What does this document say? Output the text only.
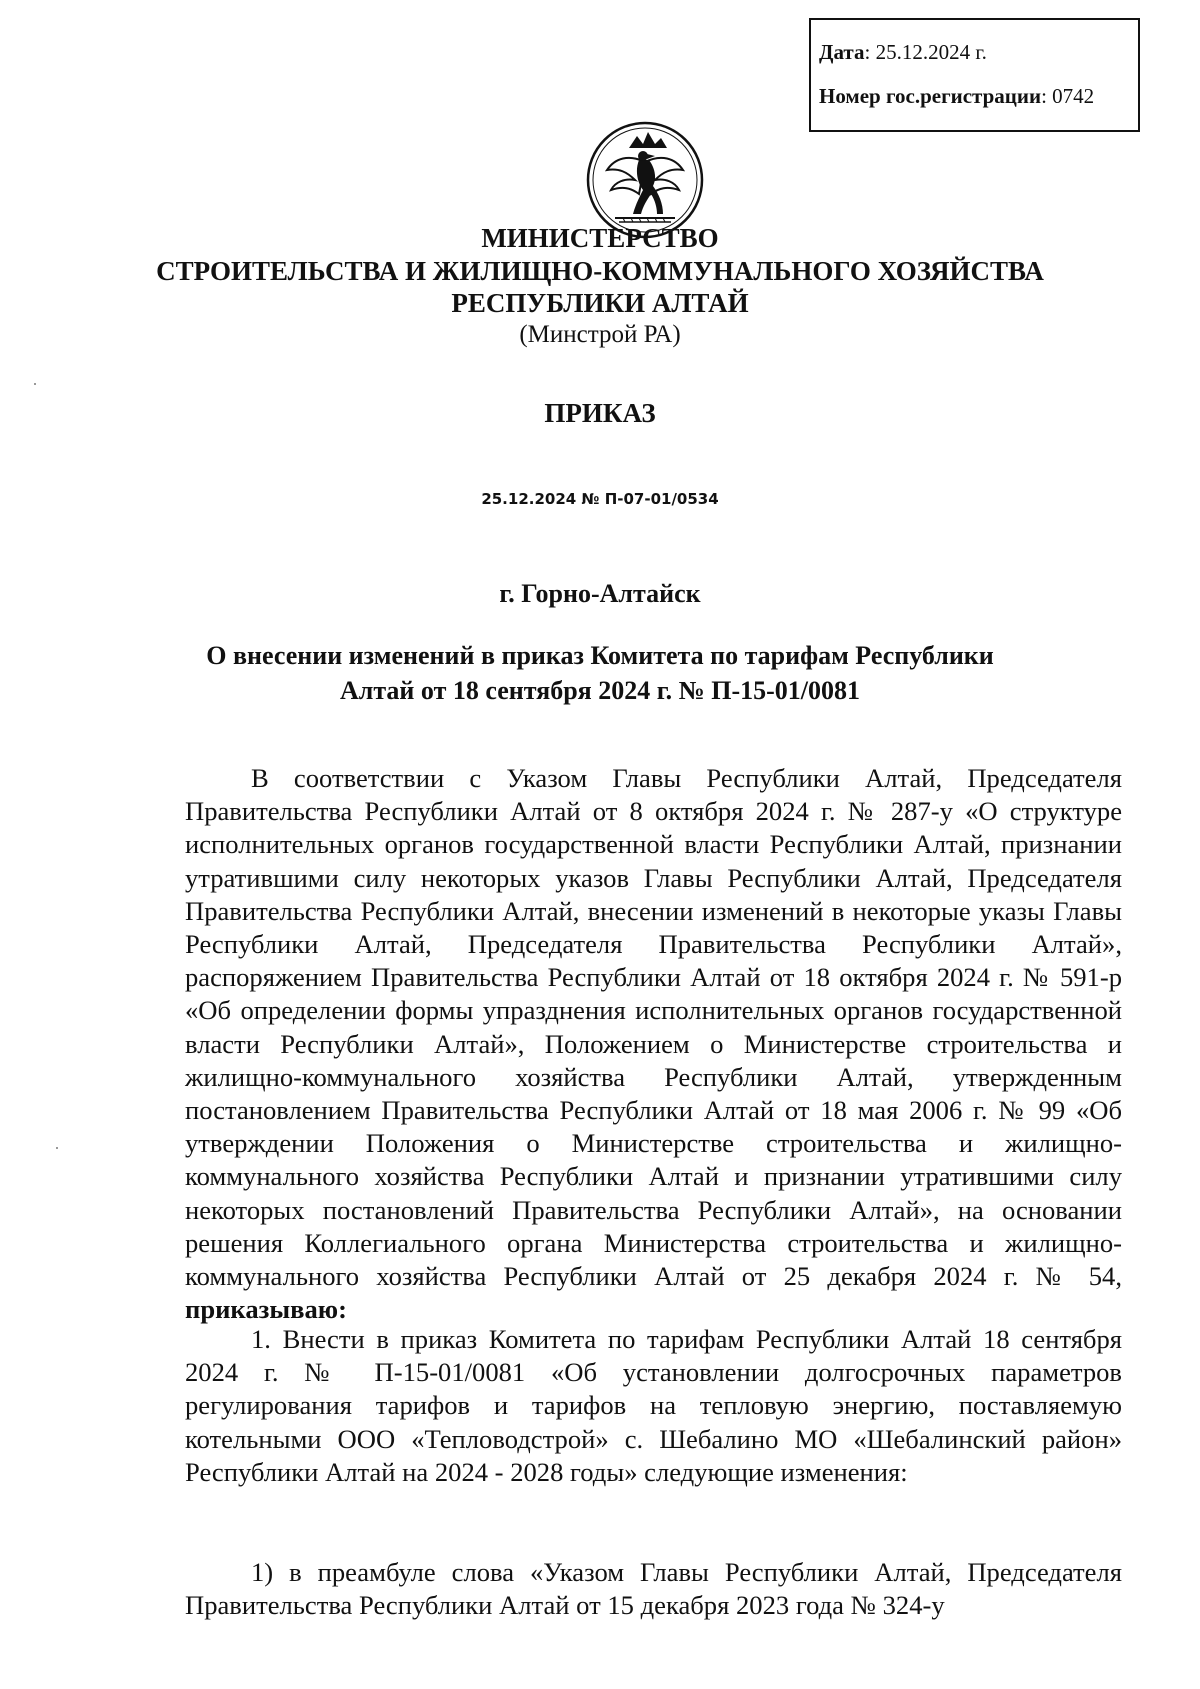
Дата: 25.12.2024 г.
Номер гос.регистрации: 0742
МИНИСТЕРСТВО
СТРОИТЕЛЬСТВА И ЖИЛИЩНО-КОММУНАЛЬНОГО ХОЗЯЙСТВА
РЕСПУБЛИКИ АЛТАЙ
(Минстрой РА)
ПРИКАЗ
25.12.2024 № П-07-01/0534
г. Горно-Алтайск
О внесении изменений в приказ Комитета по тарифам Республики
Алтай от 18 сентября 2024 г. № П-15-01/0081
В соответствии с Указом Главы Республики Алтай, Председателя Правительства Республики Алтай от 8 октября 2024 г. № 287-у «О структуре исполнительных органов государственной власти Республики Алтай, признании утратившими силу некоторых указов Главы Республики Алтай, Председателя Правительства Республики Алтай, внесении изменений в некоторые указы Главы Республики Алтай, Председателя Правительства Республики Алтай», распоряжением Правительства Республики Алтай от 18 октября 2024 г. № 591-р «Об определении формы упразднения исполнительных органов государственной власти Республики Алтай», Положением о Министерстве строительства и жилищно-коммунального хозяйства Республики Алтай, утвержденным постановлением Правительства Республики Алтай от 18 мая 2006 г. № 99 «Об утверждении Положения о Министерстве строительства и жилищно-коммунального хозяйства Республики Алтай и признании утратившими силу некоторых постановлений Правительства Республики Алтай», на основании решения Коллегиального органа Министерства строительства и жилищно-коммунального хозяйства Республики Алтай от 25 декабря 2024 г. № 54, приказываю:
1. Внести в приказ Комитета по тарифам Республики Алтай 18 сентября 2024 г. № П-15-01/0081 «Об установлении долгосрочных параметров регулирования тарифов и тарифов на тепловую энергию, поставляемую котельными ООО «Тепловодстрой» с. Шебалино МО «Шебалинский район» Республики Алтай на 2024 - 2028 годы» следующие изменения:
1) в преамбуле слова «Указом Главы Республики Алтай, Председателя Правительства Республики Алтай от 15 декабря 2023 года № 324-у
